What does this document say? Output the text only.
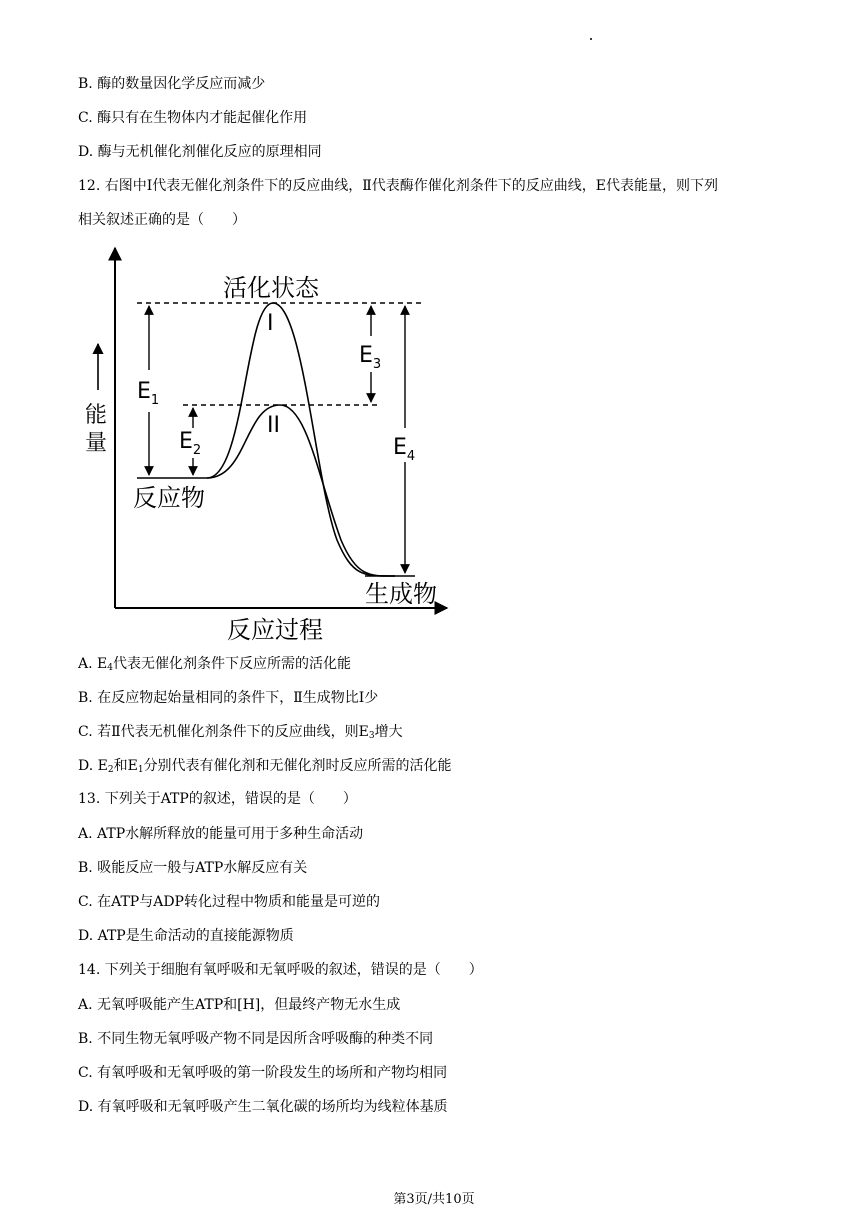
B. 酶的数量因化学反应而减少
C. 酶只有在生物体内才能起催化作用
D. 酶与无机催化剂催化反应的原理相同
12. 右图中Ⅰ代表无催化剂条件下的反应曲线，Ⅱ代表酶作催化剂条件下的反应曲线，E代表能量，则下列
相关叙述正确的是（　　）
能
量
$E_1$
$E_2$
$E_3$
$E_4$
活化状态
I
II
反应物
生成物
反应过程
A. $E_4$代表无催化剂条件下反应所需的活化能
B. 在反应物起始量相同的条件下，Ⅱ生成物比Ⅰ少
C. 若Ⅱ代表无机催化剂条件下的反应曲线，则$E_3$增大
D. $E_2$和$E_1$分别代表有催化剂和无催化剂时反应所需的活化能
13. 下列关于ATP的叙述，错误的是（　　）
A. ATP水解所释放的能量可用于多种生命活动
B. 吸能反应一般与ATP水解反应有关
C. 在ATP与ADP转化过程中物质和能量是可逆的
D. ATP是生命活动的直接能源物质
14. 下列关于细胞有氧呼吸和无氧呼吸的叙述，错误的是（　　）
A. 无氧呼吸能产生ATP和[H]，但最终产物无水生成
B. 不同生物无氧呼吸产物不同是因所含呼吸酶的种类不同
C. 有氧呼吸和无氧呼吸的第一阶段发生的场所和产物均相同
D. 有氧呼吸和无氧呼吸产生二氧化碳的场所均为线粒体基质
第3页/共10页
